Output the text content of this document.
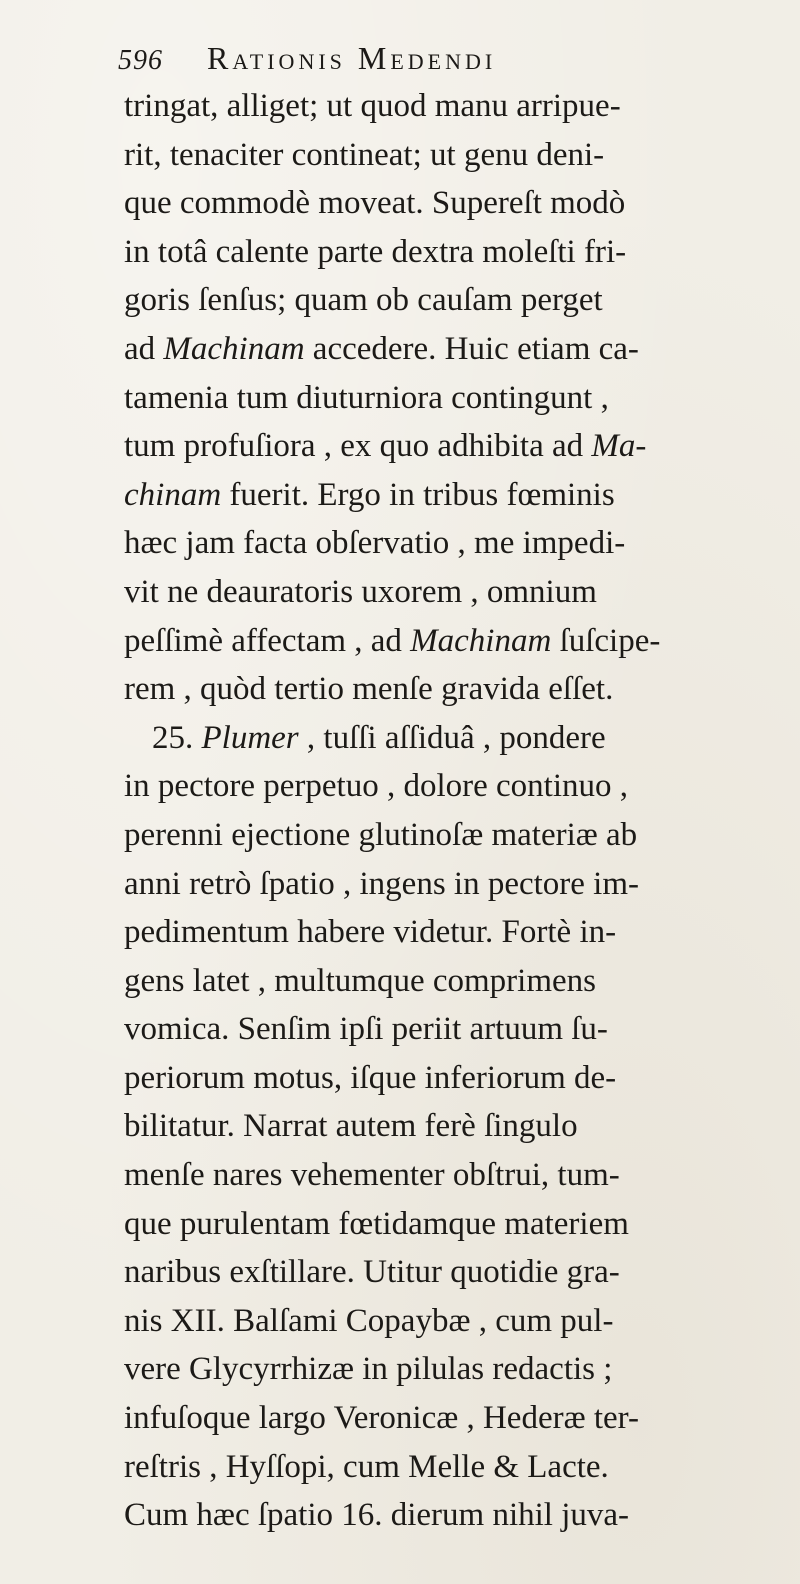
596 Rationis Medendi
tringat, alliget; ut quod manu arripue-
rit, tenaciter contineat; ut genu deni-
que commodè moveat. Supereſt modò
in totâ calente parte dextra moleſti fri-
goris ſenſus; quam ob cauſam perget
ad Machinam accedere. Huic etiam ca-
tamenia tum diuturniora contingunt ,
tum profuſiora , ex quo adhibita ad Ma-
chinam fuerit. Ergo in tribus fœminis
hæc jam facta obſervatio , me impedi-
vit ne deauratoris uxorem , omnium
peſſimè affectam , ad Machinam ſuſcipe-
rem , quòd tertio menſe gravida eſſet.
25. Plumer , tuſſi aſſiduâ , pondere
in pectore perpetuo , dolore continuo ,
perenni ejectione glutinoſæ materiæ ab
anni retrò ſpatio , ingens in pectore im-
pedimentum habere videtur. Fortè in-
gens latet , multumque comprimens
vomica. Senſim ipſi periit artuum ſu-
periorum motus, iſque inferiorum de-
bilitatur. Narrat autem ferè ſingulo
menſe nares vehementer obſtrui, tum-
que purulentam fœtidamque materiem
naribus exſtillare. Utitur quotidie gra-
nis XII. Balſami Copaybæ , cum pul-
vere Glycyrrhizæ in pilulas redactis ;
infuſoque largo Veronicæ , Hederæ ter-
reſtris , Hyſſopi, cum Melle & Lacte.
Cum hæc ſpatio 16. dierum nihil juva-
